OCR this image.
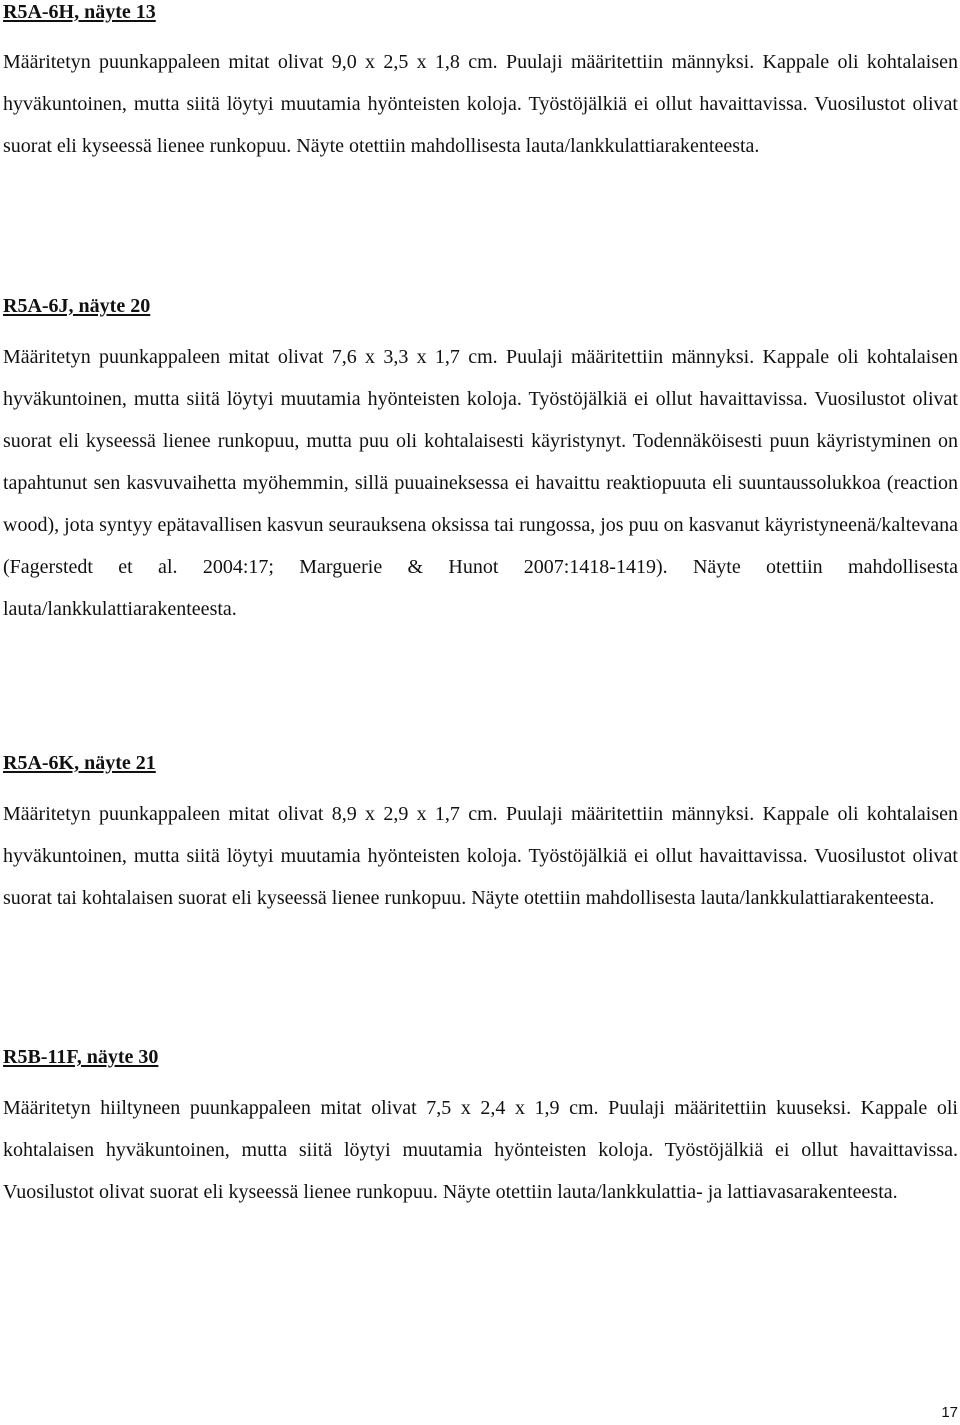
R5A-6H, näyte 13

Määritetyn puunkappaleen mitat olivat 9,0 x 2,5 x 1,8 cm. Puulaji määritettiin männyksi. Kappale oli kohtalaisen hyväkuntoinen, mutta siitä löytyi muutamia hyönteisten koloja. Työstöjälkiä ei ollut havaittavissa. Vuosilustot olivat suorat eli kyseessä lienee runkopuu. Näyte otettiin mahdollisesta lauta/lankkulattiarakenteesta.

R5A-6J, näyte 20

Määritetyn puunkappaleen mitat olivat 7,6 x 3,3 x 1,7 cm. Puulaji määritettiin männyksi. Kappale oli kohtalaisen hyväkuntoinen, mutta siitä löytyi muutamia hyönteisten koloja. Työstöjälkiä ei ollut havaittavissa. Vuosilustot olivat suorat eli kyseessä lienee runkopuu, mutta puu oli kohtalaisesti käyristynyt. Todennäköisesti puun käyristyminen on tapahtunut sen kasvuvaihetta myöhemmin, sillä puuaineksessa ei havaittu reaktiopuuta eli suuntaussolukkoa (reaction wood), jota syntyy epätavallisen kasvun seurauksena oksissa tai rungossa, jos puu on kasvanut käyristyneenä/kaltevana (Fagerstedt et al. 2004:17; Marguerie & Hunot 2007:1418-1419). Näyte otettiin mahdollisesta lauta/lankkulattiarakenteesta.

R5A-6K, näyte 21

Määritetyn puunkappaleen mitat olivat 8,9 x 2,9 x 1,7 cm. Puulaji määritettiin männyksi. Kappale oli kohtalaisen hyväkuntoinen, mutta siitä löytyi muutamia hyönteisten koloja. Työstöjälkiä ei ollut havaittavissa. Vuosilustot olivat suorat tai kohtalaisen suorat eli kyseessä lienee runkopuu. Näyte otettiin mahdollisesta lauta/lankkulattiarakenteesta.

R5B-11F, näyte 30

Määritetyn hiiltyneen puunkappaleen mitat olivat 7,5 x 2,4 x 1,9 cm. Puulaji määritettiin kuuseksi. Kappale oli kohtalaisen hyväkuntoinen, mutta siitä löytyi muutamia hyönteisten koloja. Työstöjälkiä ei ollut havaittavissa. Vuosilustot olivat suorat eli kyseessä lienee runkopuu. Näyte otettiin lauta/lankkulattia- ja lattiavasarakenteesta.

17
